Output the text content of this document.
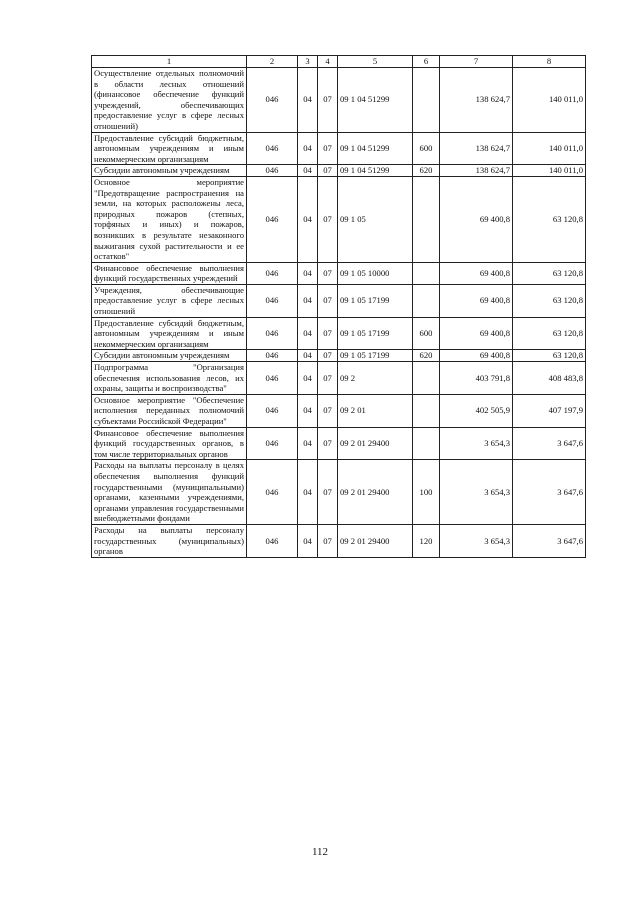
1	2	3	4	5	6	7	8
Осуществление отдельных полномочий в области лесных отношений (финансовое обеспечение функций учреждений, обеспечивающих предоставление услуг в сфере лесных отношений)	046	04	07	09 1 04 51299		138 624,7	140 011,0
Предоставление субсидий бюджетным, автономным учреждениям и иным некоммерческим организациям	046	04	07	09 1 04 51299	600	138 624,7	140 011,0
Субсидии автономным учреждениям	046	04	07	09 1 04 51299	620	138 624,7	140 011,0
Основное мероприятие "Предотвращение распространения на земли, на которых расположены леса, природных пожаров (степных, торфяных и иных) и пожаров, возникших в результате незаконного выжигания сухой растительности и ее остатков"	046	04	07	09 1 05		69 400,8	63 120,8
Финансовое обеспечение выполнения функций государственных учреждений	046	04	07	09 1 05 10000		69 400,8	63 120,8
Учреждения, обеспечивающие предоставление услуг в сфере лесных отношений	046	04	07	09 1 05 17199		69 400,8	63 120,8
Предоставление субсидий бюджетным, автономным учреждениям и иным некоммерческим организациям	046	04	07	09 1 05 17199	600	69 400,8	63 120,8
Субсидии автономным учреждениям	046	04	07	09 1 05 17199	620	69 400,8	63 120,8
Подпрограмма "Организация обеспечения использования лесов, их охраны, защиты и воспроизводства"	046	04	07	09 2		403 791,8	408 483,8
Основное мероприятие "Обеспечение исполнения переданных полномочий субъектами Российской Федерации"	046	04	07	09 2 01		402 505,9	407 197,9
Финансовое обеспечение выполнения функций государственных органов, в том числе территориальных органов	046	04	07	09 2 01 29400		3 654,3	3 647,6
Расходы на выплаты персоналу в целях обеспечения выполнения функций государственными (муниципальными) органами, казенными учреждениями, органами управления государственными внебюджетными фондами	046	04	07	09 2 01 29400	100	3 654,3	3 647,6
Расходы на выплаты персоналу государственных (муниципальных) органов	046	04	07	09 2 01 29400	120	3 654,3	3 647,6
112
